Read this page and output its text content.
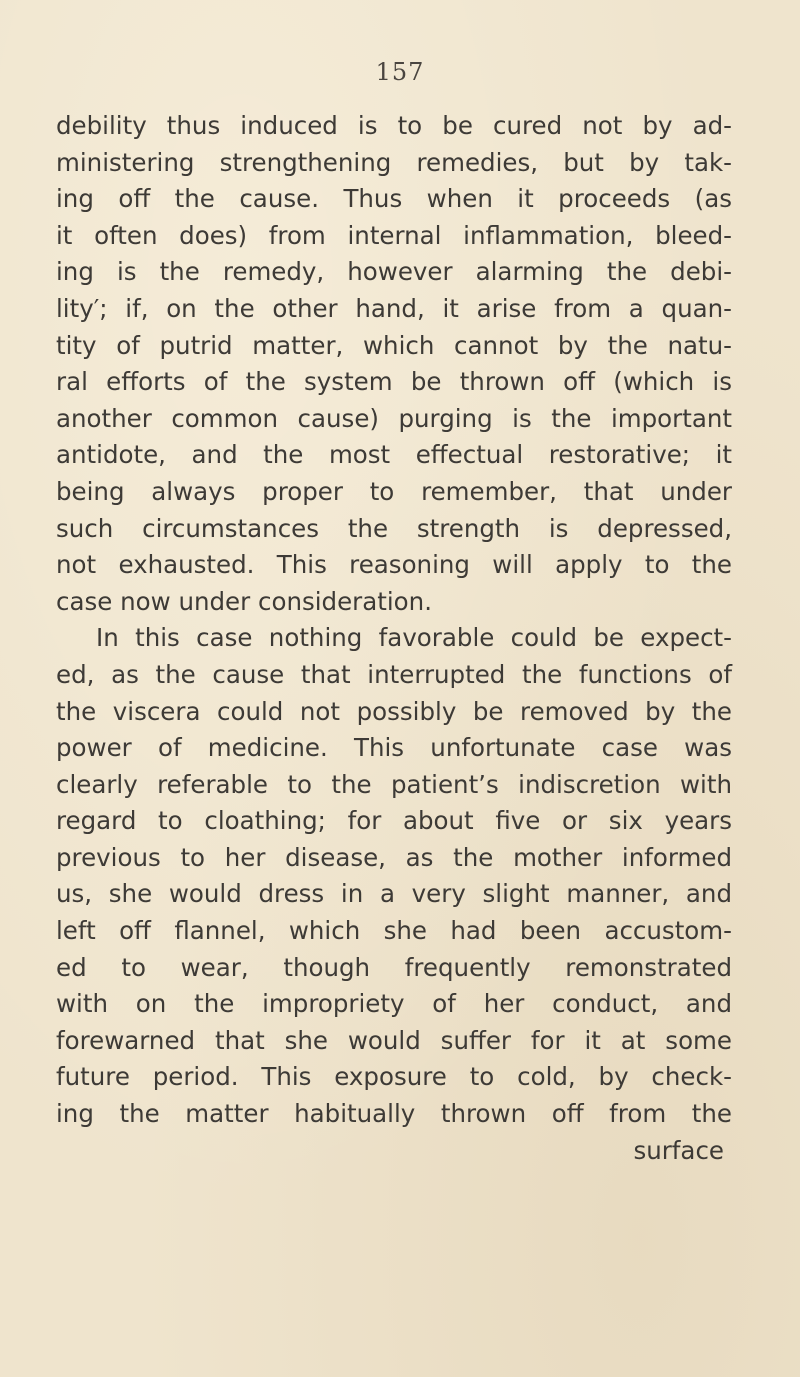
157
debility thus induced is to be cured not by ad-
ministering strengthening remedies, but by tak-
ing off the cause. Thus when it proceeds (as
it often does) from internal inflammation, bleed-
ing is the remedy, however alarming the debi-
lity′; if, on the other hand, it arise from a quan-
tity of putrid matter, which cannot by the natu-
ral efforts of the system be thrown off (which is
another common cause) purging is the important
antidote, and the most effectual restorative; it
being always proper to remember, that under
such circumstances the strength is depressed,
not exhausted. This reasoning will apply to the
case now under consideration.
In this case nothing favorable could be expect-
ed, as the cause that interrupted the functions of
the viscera could not possibly be removed by the
power of medicine. This unfortunate case was
clearly referable to the patient’s indiscretion with
regard to cloathing; for about five or six years
previous to her disease, as the mother informed
us, she would dress in a very slight manner, and
left off flannel, which she had been accustom-
ed to wear, though frequently remonstrated
with on the impropriety of her conduct, and
forewarned that she would suffer for it at some
future period. This exposure to cold, by check-
ing the matter habitually thrown off from the
surface
